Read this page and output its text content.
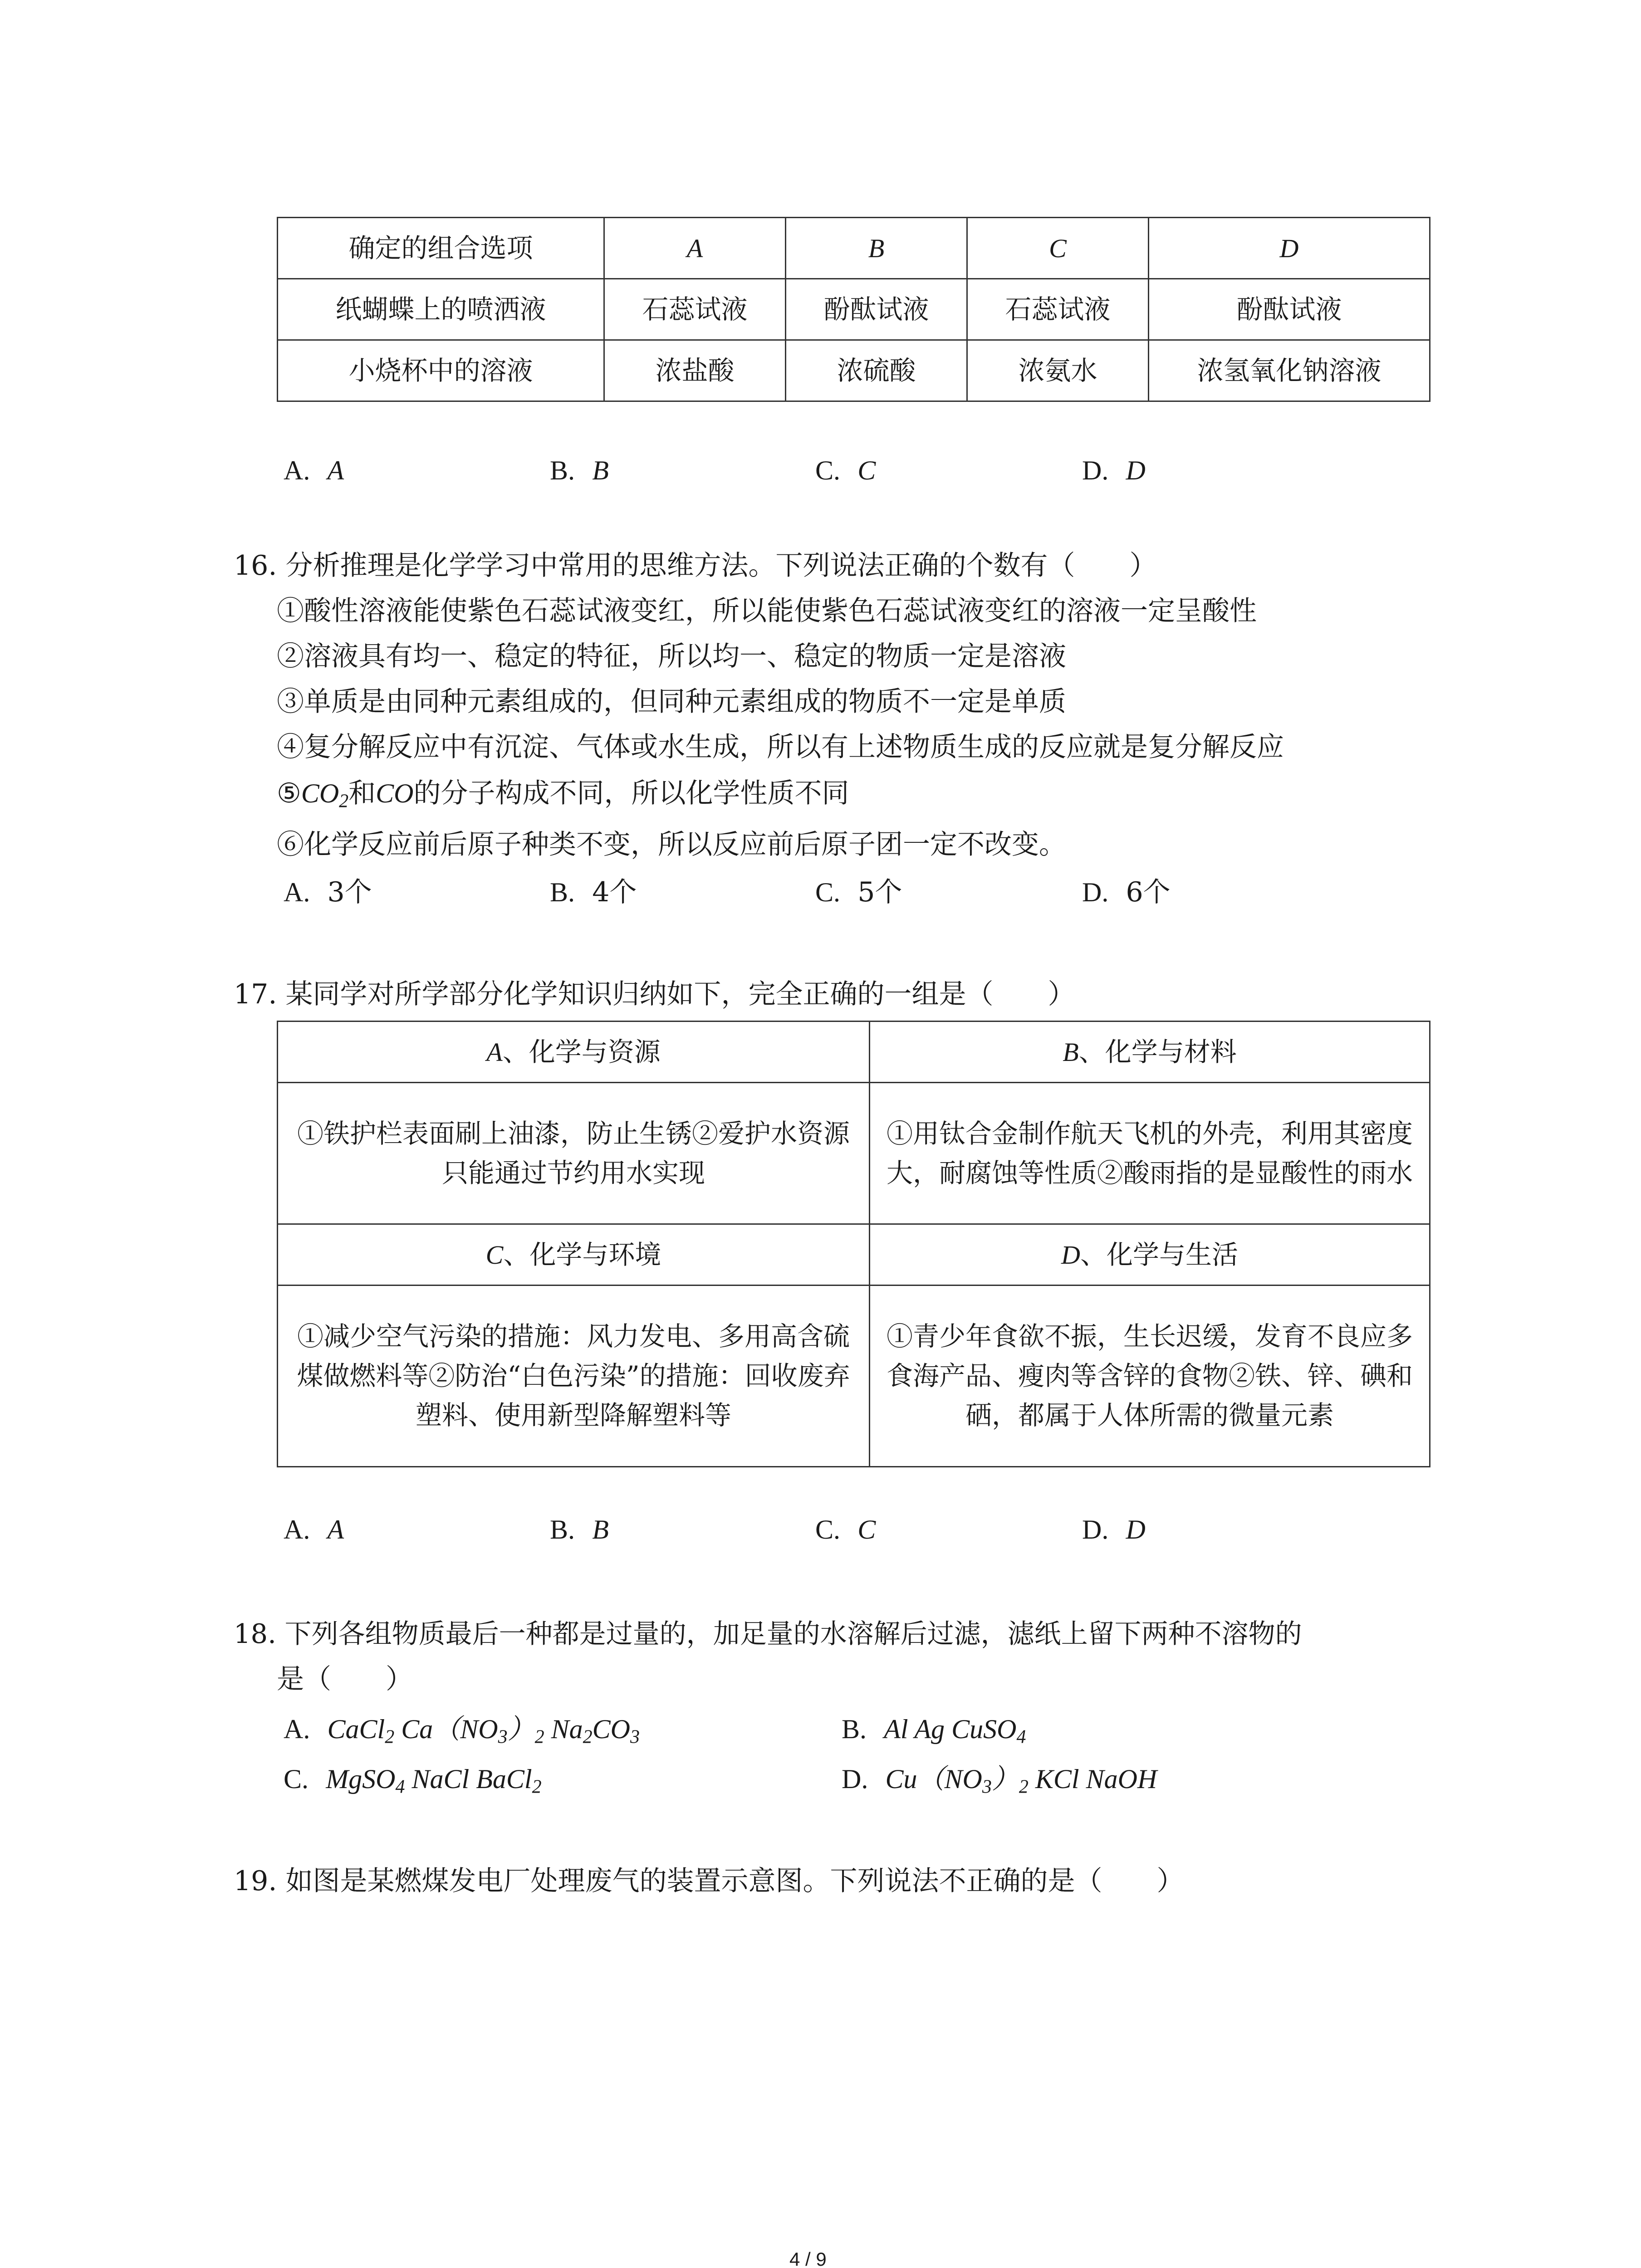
确定的组合选项	A	B	C	D
纸蝴蝶上的喷洒液	石蕊试液	酚酞试液	石蕊试液	酚酞试液
小烧杯中的溶液	浓盐酸	浓硫酸	浓氨水	浓氢氧化钠溶液
A. A	B. B	C. C	D. D
16. 分析推理是化学学习中常用的思维方法。下列说法正确的个数有（　　）
①酸性溶液能使紫色石蕊试液变红，所以能使紫色石蕊试液变红的溶液一定呈酸性
②溶液具有均一、稳定的特征，所以均一、稳定的物质一定是溶液
③单质是由同种元素组成的，但同种元素组成的物质不一定是单质
④复分解反应中有沉淀、气体或水生成，所以有上述物质生成的反应就是复分解反应
$⑤CO_2$和CO的分子构成不同，所以化学性质不同
⑥化学反应前后原子种类不变，所以反应前后原子团一定不改变。
A. 3个	B. 4个	C. 5个	D. 6个
17. 某同学对所学部分化学知识归纳如下，完全正确的一组是（　　）
A、化学与资源	B、化学与材料
①铁护栏表面刷上油漆，防止生锈②爱护水资源只能通过节约用水实现	①用钛合金制作航天飞机的外壳，利用其密度大，耐腐蚀等性质②酸雨指的是显酸性的雨水
C、化学与环境	D、化学与生活
①减少空气污染的措施：风力发电、多用高含硫煤做燃料等②防治“白色污染”的措施：回收废弃塑料、使用新型降解塑料等	①青少年食欲不振，生长迟缓，发育不良应多食海产品、瘦肉等含锌的食物②铁、锌、碘和硒，都属于人体所需的微量元素
A. A	B. B	C. C	D. D
18. 下列各组物质最后一种都是过量的，加足量的水溶解后过滤，滤纸上留下两种不溶物的
是（　　）
A. CaCl$_2$ $Ca(NO_3)_2$ $Na_2CO_3$	B. Al Ag CuSO$_4$
C. MgSO$_4$ NaCl BaCl$_2$	D. $Cu(NO_3)_2$ KCl NaOH
19. 如图是某燃煤发电厂处理废气的装置示意图。下列说法不正确的是（　　）
4 / 9
